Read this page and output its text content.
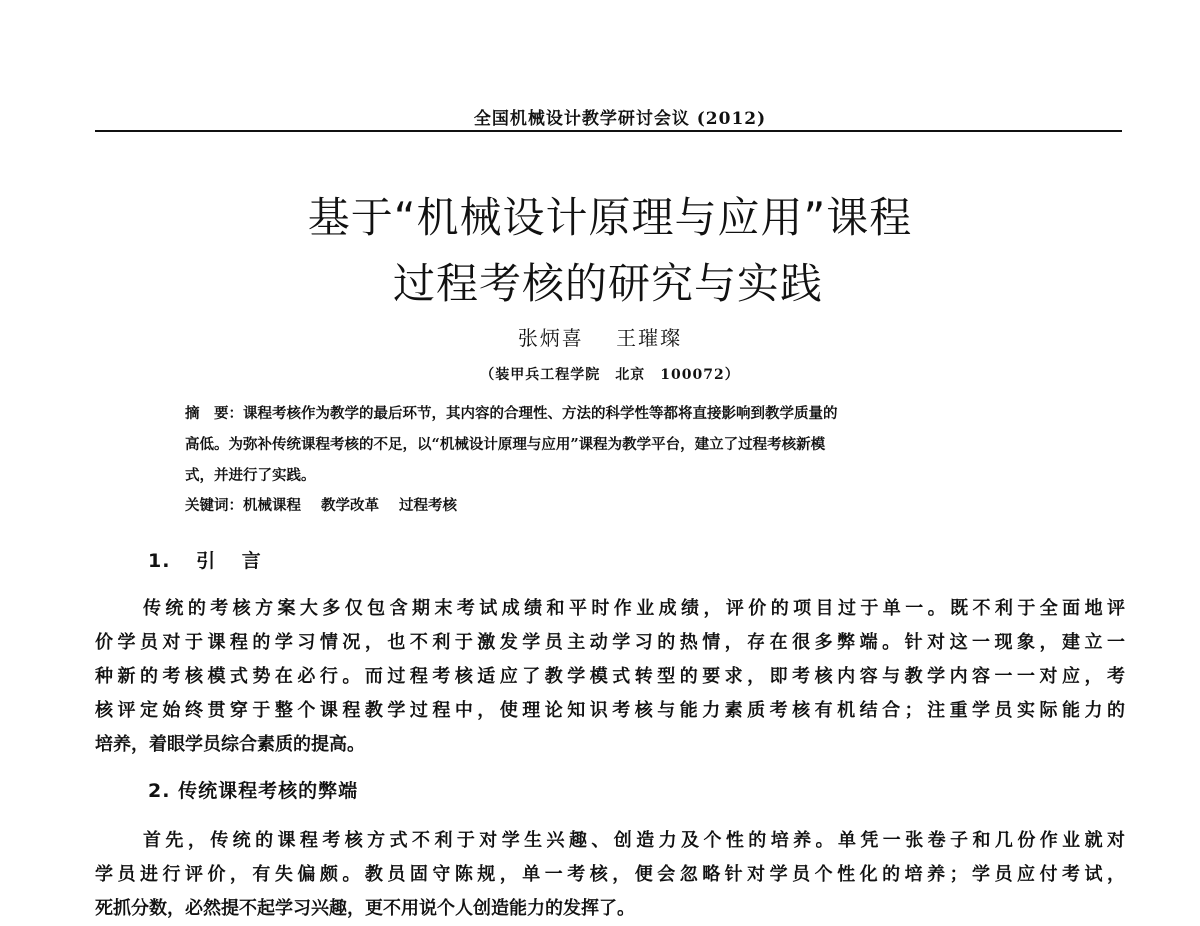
全国机械设计教学研讨会议 (2012)
基于“机械设计原理与应用”课程
过程考核的研究与实践
张炳喜 王璀璨
（装甲兵工程学院　北京　100072）
摘　要：课程考核作为教学的最后环节，其内容的合理性、方法的科学性等都将直接影响到教学质量的
高低。为弥补传统课程考核的不足，以“机械设计原理与应用”课程为教学平台，建立了过程考核新模
式，并进行了实践。
关键词：机械课程 教学改革 过程考核
1. 引 言
传统的考核方案大多仅包含期末考试成绩和平时作业成绩，评价的项目过于单一。既不利于全面地评
价学员对于课程的学习情况，也不利于激发学员主动学习的热情，存在很多弊端。针对这一现象，建立一
种新的考核模式势在必行。而过程考核适应了教学模式转型的要求，即考核内容与教学内容一一对应，考
核评定始终贯穿于整个课程教学过程中，使理论知识考核与能力素质考核有机结合；注重学员实际能力的
培养，着眼学员综合素质的提高。
2. 传统课程考核的弊端
首先，传统的课程考核方式不利于对学生兴趣、创造力及个性的培养。单凭一张卷子和几份作业就对
学员进行评价，有失偏颇。教员固守陈规，单一考核，便会忽略针对学员个性化的培养；学员应付考试，
死抓分数，必然提不起学习兴趣，更不用说个人创造能力的发挥了。
